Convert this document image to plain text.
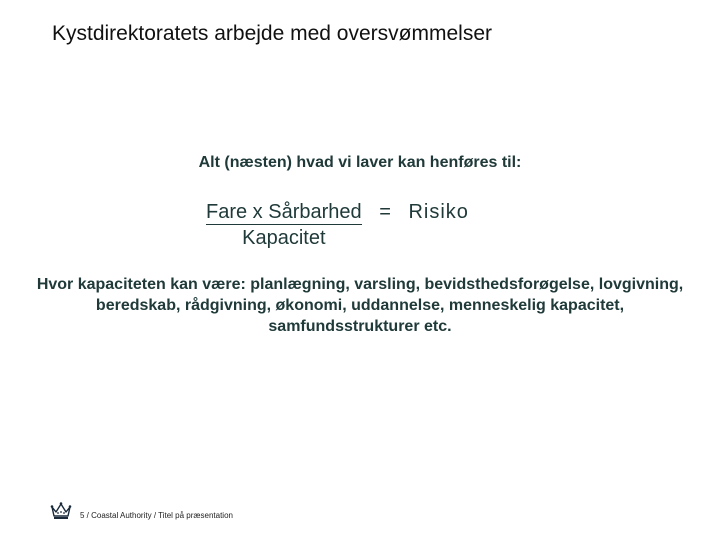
Kystdirektoratets arbejde med oversvømmelser
Alt (næsten) hvad vi laver kan henføres til:
$\frac{\text{Fare x Sårbarhed}}{\text{Kapacitet}}$ = Risiko
Hvor kapaciteten kan være: planlægning, varsling, bevidsthedsforøgelse, lovgivning, beredskab, rådgivning, økonomi, uddannelse, menneskelig kapacitet, samfundsstrukturer etc.
5 / Coastal Authority / Titel på præsentation
